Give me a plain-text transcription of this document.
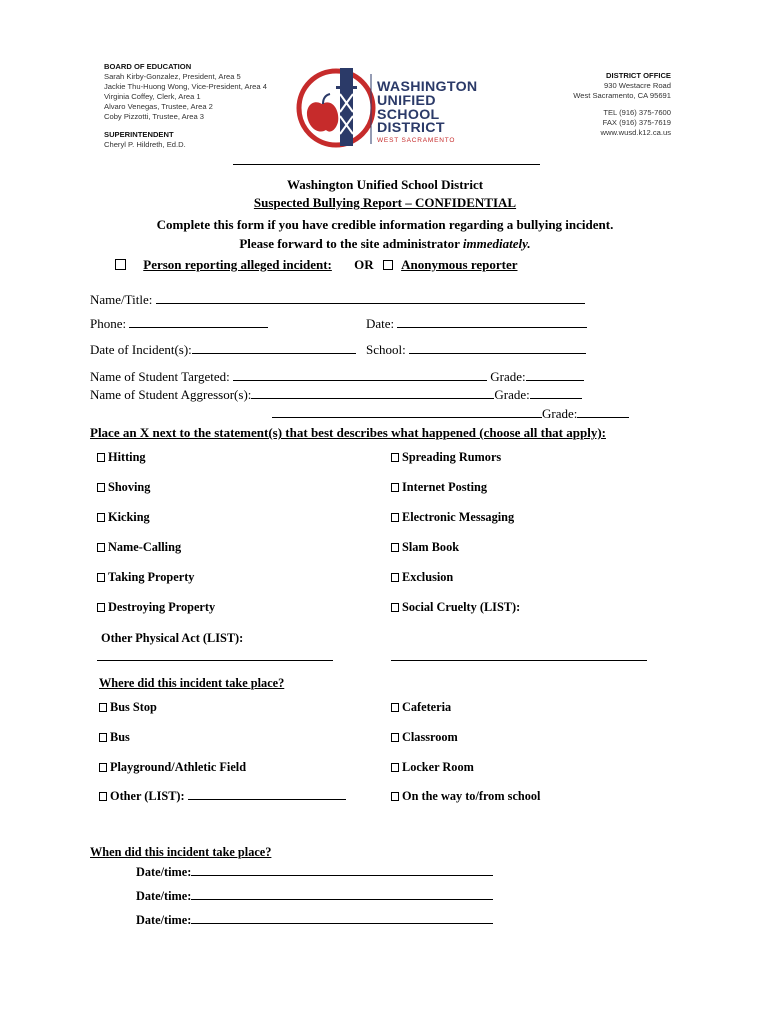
BOARD OF EDUCATION
Sarah Kirby-Gonzalez, President, Area 5
Jackie Thu-Huong Wong, Vice-President, Area 4
Virginia Coffey, Clerk, Area 1
Alvaro Venegas, Trustee, Area 2
Coby Pizzotti, Trustee, Area 3
SUPERINTENDENT
Cheryl P. Hildreth, Ed.D.
WASHINGTON
UNIFIED
SCHOOL
DISTRICT
WEST SACRAMENTO
DISTRICT OFFICE
930 Westacre Road
West Sacramento, CA 95691
TEL (916) 375-7600
FAX (916) 375-7619
www.wusd.k12.ca.us
Washington Unified School District
Suspected Bullying Report – CONFIDENTIAL
Complete this form if you have credible information regarding a bullying incident.
Please forward to the site administrator immediately.
Person reporting alleged incident: OR Anonymous reporter
Name/Title:
Phone:	Date:
Date of Incident(s):	School:
Name of Student Targeted:	Grade:
Name of Student Aggressor(s):	Grade:
Grade:
Place an X next to the statement(s) that best describes what happened (choose all that apply):
Hitting
Shoving
Kicking
Name-Calling
Taking Property
Destroying Property
Spreading Rumors
Internet Posting
Electronic Messaging
Slam Book
Exclusion
Social Cruelty (LIST):
Other Physical Act (LIST):
Where did this incident take place?
Bus Stop
Bus
Playground/Athletic Field
Other (LIST):
Cafeteria
Classroom
Locker Room
On the way to/from school
When did this incident take place?
Date/time:
Date/time:
Date/time:
